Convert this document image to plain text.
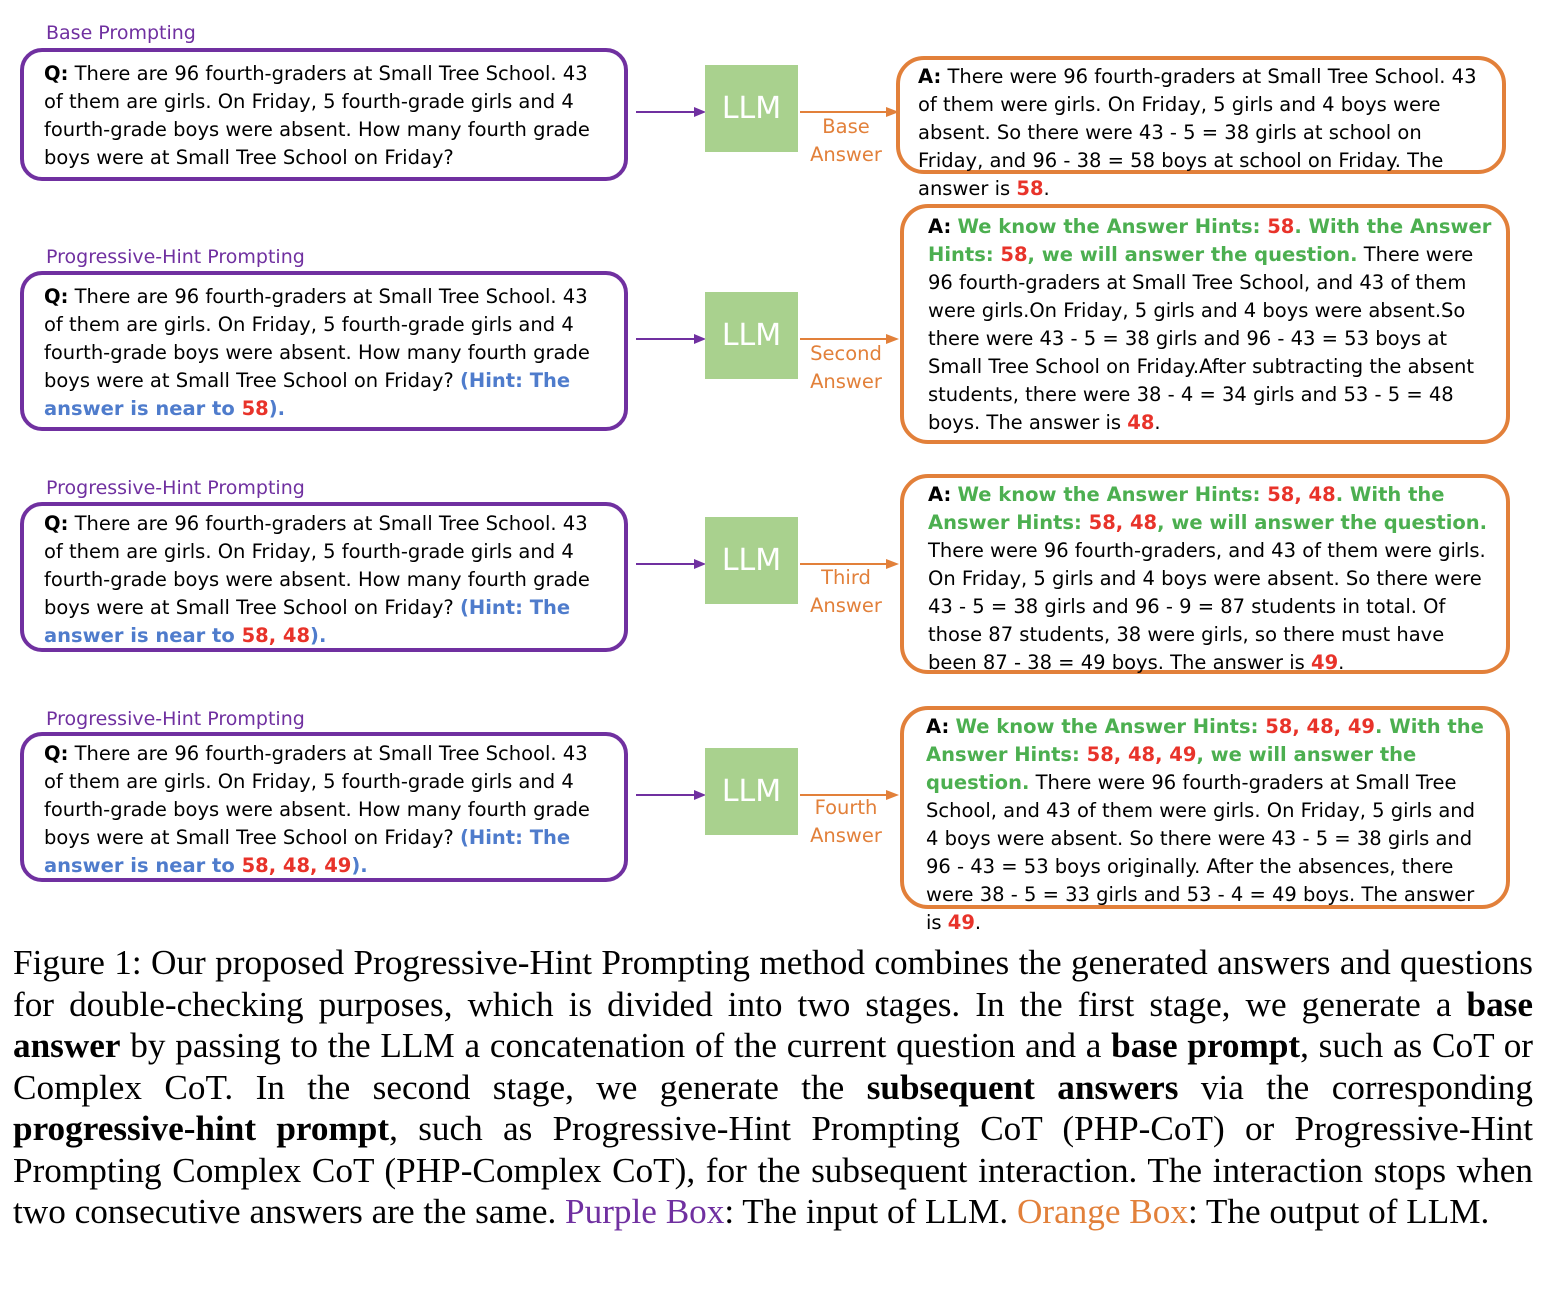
Base Prompting
Q: There are 96 fourth-graders at Small Tree School. 43 of them are girls. On Friday, 5 fourth-grade girls and 4 fourth-grade boys were absent. How many fourth grade boys were at Small Tree School on Friday?
LLM
Base
Answer
A: There were 96 fourth-graders at Small Tree School. 43 of them were girls. On Friday, 5 girls and 4 boys were absent. So there were 43 - 5 = 38 girls at school on Friday, and 96 - 38 = 58 boys at school on Friday. The answer is 58.
Progressive-Hint Prompting
Q: There are 96 fourth-graders at Small Tree School. 43 of them are girls. On Friday, 5 fourth-grade girls and 4 fourth-grade boys were absent. How many fourth grade boys were at Small Tree School on Friday? (Hint: The answer is near to 58).
LLM
Second
Answer
A: We know the Answer Hints: 58. With the Answer Hints: 58, we will answer the question. There were 96 fourth-graders at Small Tree School, and 43 of them were girls.On Friday, 5 girls and 4 boys were absent.So there were 43 - 5 = 38 girls and 96 - 43 = 53 boys at Small Tree School on Friday.After subtracting the absent students, there were 38 - 4 = 34 girls and 53 - 5 = 48 boys. The answer is 48.
Progressive-Hint Prompting
Q: There are 96 fourth-graders at Small Tree School. 43 of them are girls. On Friday, 5 fourth-grade girls and 4 fourth-grade boys were absent. How many fourth grade boys were at Small Tree School on Friday? (Hint: The answer is near to 58, 48).
LLM	Third
Answer
A: We know the Answer Hints: 58, 48. With the Answer Hints: 58, 48, we will answer the question. There were 96 fourth-graders, and 43 of them were girls. On Friday, 5 girls and 4 boys were absent. So there were 43 - 5 = 38 girls and 96 - 9 = 87 students in total. Of those 87 students, 38 were girls, so there must have been 87 - 38 = 49 boys. The answer is 49.
Progressive-Hint Prompting
Q: There are 96 fourth-graders at Small Tree School. 43 of them are girls. On Friday, 5 fourth-grade girls and 4 fourth-grade boys were absent. How many fourth grade boys were at Small Tree School on Friday? (Hint: The answer is near to 58, 48, 49).
LLM	Fourth
Answer
A: We know the Answer Hints: 58, 48, 49. With the Answer Hints: 58, 48, 49, we will answer the question. There were 96 fourth-graders at Small Tree School, and 43 of them were girls. On Friday, 5 girls and 4 boys were absent. So there were 43 - 5 = 38 girls and 96 - 43 = 53 boys originally. After the absences, there were 38 - 5 = 33 girls and 53 - 4 = 49 boys. The answer is 49.
Figure 1: Our proposed Progressive-Hint Prompting method combines the generated answers and questions for double-checking purposes, which is divided into two stages. In the first stage, we generate a base answer by passing to the LLM a concatenation of the current question and a base prompt, such as CoT or Complex CoT. In the second stage, we generate the subsequent answers via the corresponding progressive-hint prompt, such as Progressive-Hint Prompting CoT (PHP-CoT) or Progressive-Hint Prompting Complex CoT (PHP-Complex CoT), for the subsequent interaction. The interaction stops when two consecutive answers are the same. Purple Box: The input of LLM. Orange Box: The output of LLM.
